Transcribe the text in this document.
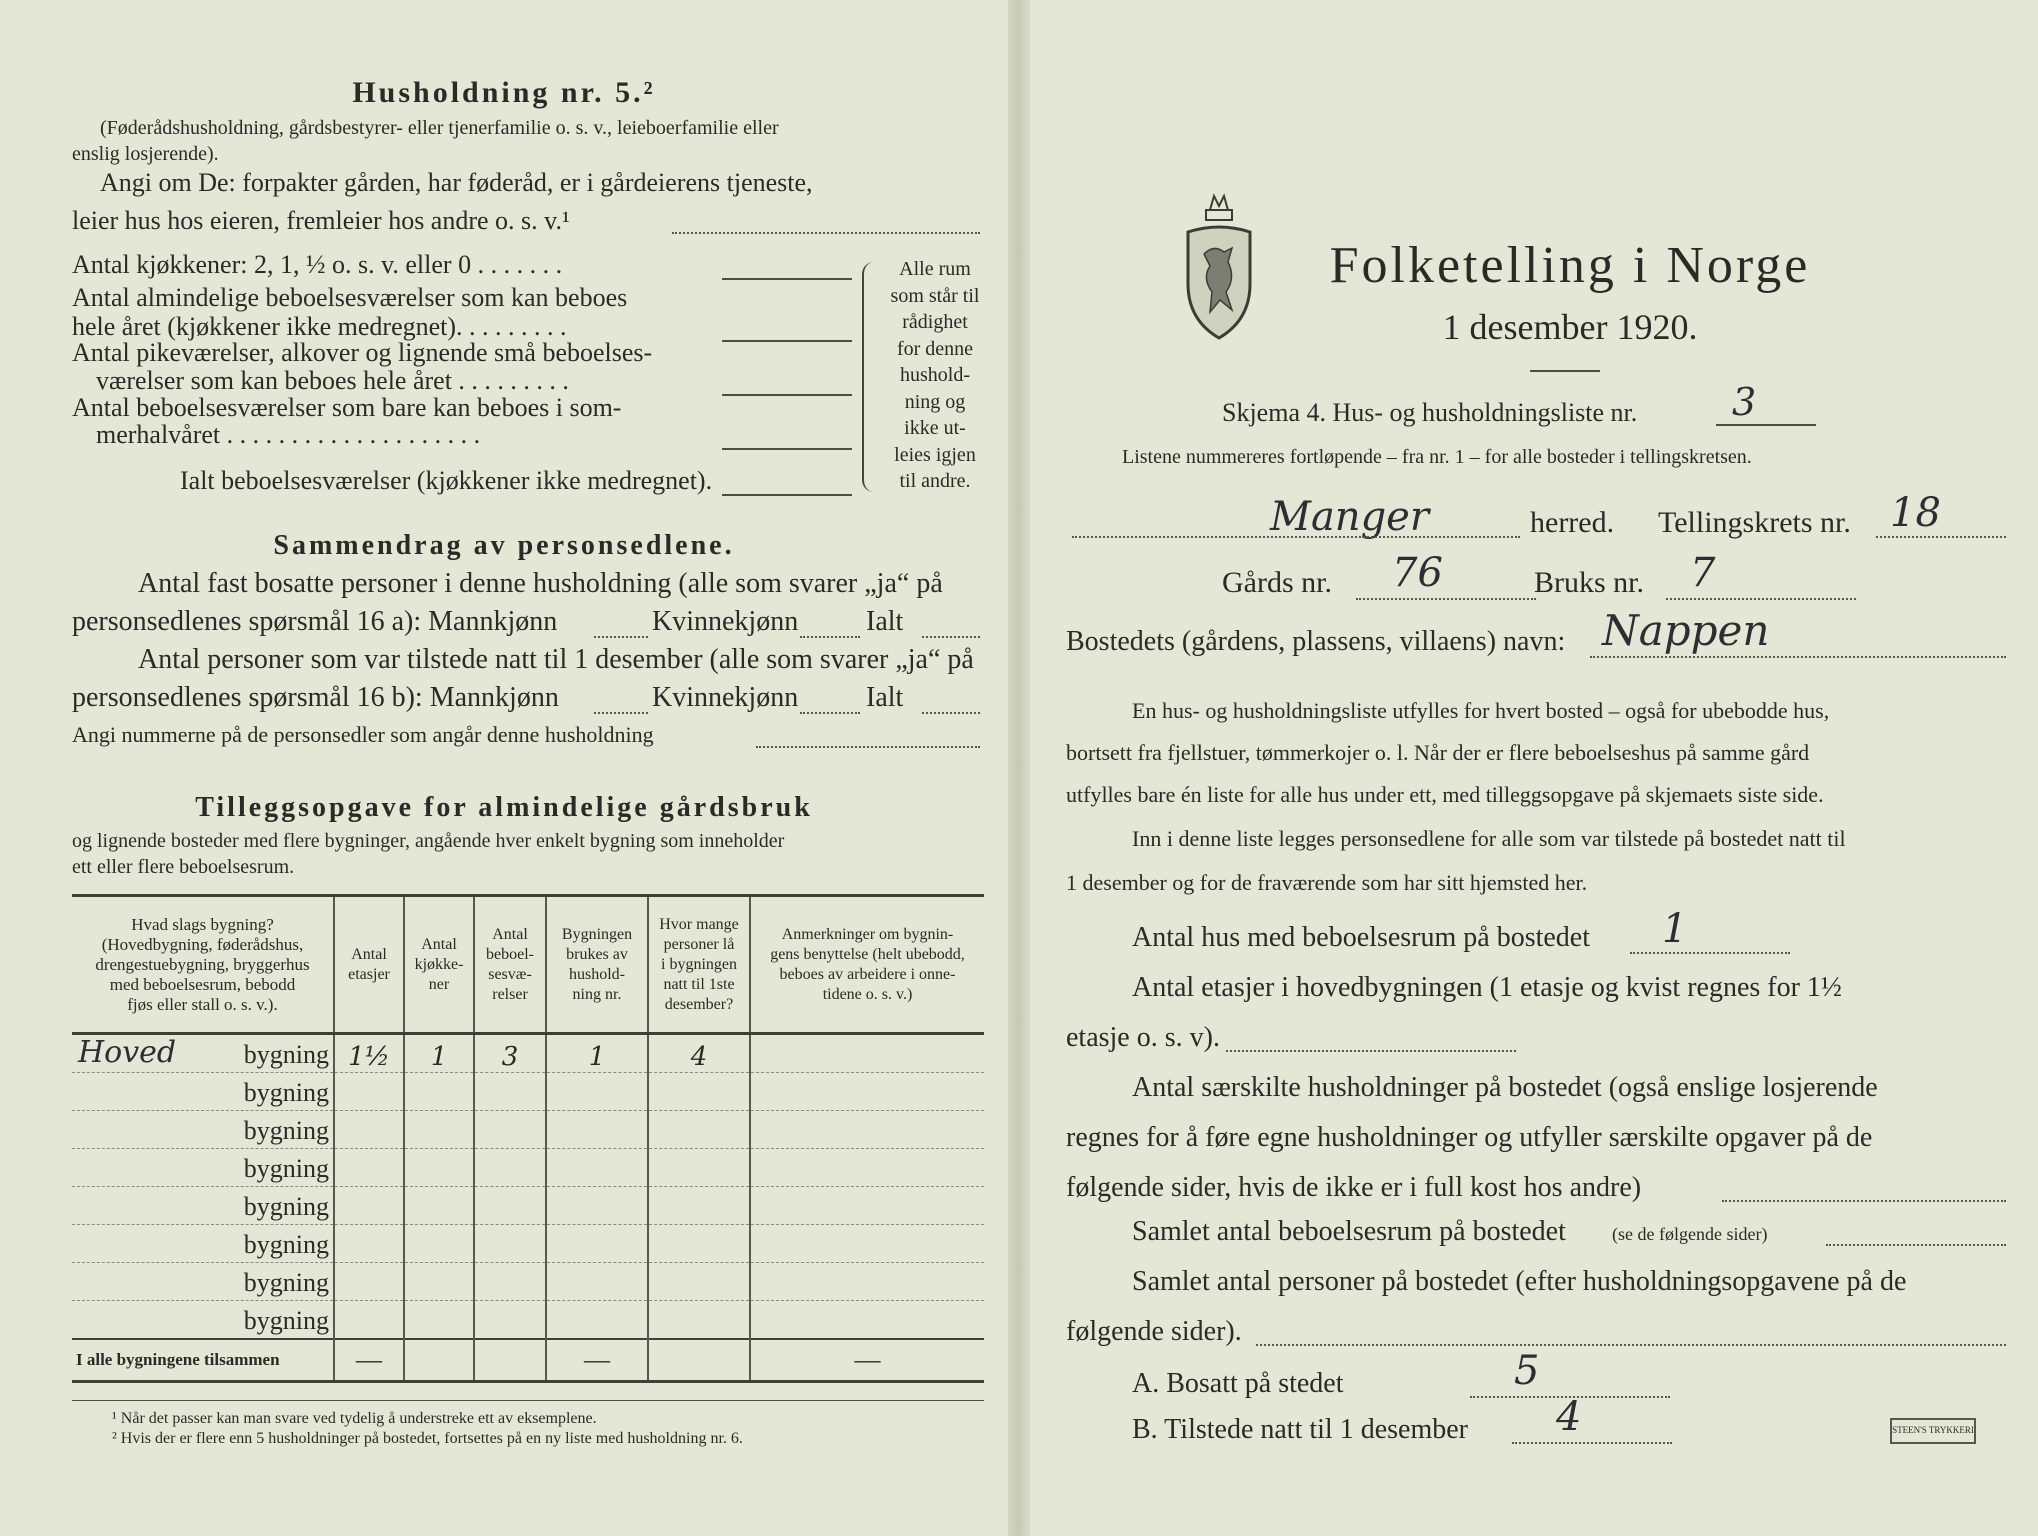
Husholdning nr. 5.²
(Føderådshusholdning, gårdsbestyrer- eller tjenerfamilie o. s. v., leieboerfamilie eller
enslig losjerende).
Angi om De: forpakter gården, har føderåd, er i gårdeierens tjeneste,
leier hus hos eieren, fremleier hos andre o. s. v.¹
Antal kjøkkener: 2, 1, ½ o. s. v. eller 0 . . . . . . .
Antal almindelige beboelsesværelser som kan beboes
hele året (kjøkkener ikke medregnet). . . . . . . . .
Antal pikeværelser, alkover og lignende små beboelses-
værelser som kan beboes hele året . . . . . . . . .
Antal beboelsesværelser som bare kan beboes i som-
merhalvåret . . . . . . . . . . . . . . . . . . . .
Ialt beboelsesværelser (kjøkkener ikke medregnet).
Alle rum
som står til
rådighet
for denne
hushold-
ning og
ikke ut-
leies igjen
til andre.
Sammendrag av personsedlene.
Antal fast bosatte personer i denne husholdning (alle som svarer „ja“ på
personsedlenes spørsmål 16 a): Mannkjønn	Kvinnekjønn Ialt
Antal personer som var tilstede natt til 1 desember (alle som svarer „ja“ på
personsedlenes spørsmål 16 b): Mannkjønn	Kvinnekjønn Ialt
Angi nummerne på de personsedler som angår denne husholdning
Tilleggsopgave for almindelige gårdsbruk
og lignende bosteder med flere bygninger, angående hver enkelt bygning som inneholder
ett eller flere beboelsesrum.
Hvad slags bygning?
(Hovedbygning, føderådshus,
drengestuebygning, bryggerhus
med beboelsesrum, bebodd
fjøs eller stall o. s. v.).	Antal
etasjer	Antal
kjøkke-
ner	Antal
beboel-
sesvæ-
relser	Bygningen
brukes av
hushold-
ning nr.	Hvor mange
personer lå
i bygningen
natt til 1ste
desember?	Anmerkninger om bygnin-
gens benyttelse (helt ubebodd,
beboes av arbeidere i onne-
tidene o. s. v.)

Hoved bygning	1½	1	3	1	4	

bygning						

bygning						

bygning						

bygning						

bygning						

bygning						

bygning						

I alle bygningene tilsammen	—			—		—
¹ Når det passer kan man svare ved tydelig å understreke ett av eksemplene.
² Hvis der er flere enn 5 husholdninger på bostedet, fortsettes på en ny liste med husholdning nr. 6.
Folketelling i Norge
1 desember 1920.
Skjema 4. Hus- og husholdningsliste nr. 3
Listene nummereres fortløpende – fra nr. 1 – for alle bosteder i tellingskretsen.
Manger	herred. Tellingskrets nr. 18
Gårds nr. 76	Bruks nr. 7
Bostedets (gårdens, plassens, villaens) navn: Nappen
En hus- og husholdningsliste utfylles for hvert bosted – også for ubebodde hus,
bortsett fra fjellstuer, tømmerkojer o. l. Når der er flere beboelseshus på samme gård
utfylles bare én liste for alle hus under ett, med tilleggsopgave på skjemaets siste side.
Inn i denne liste legges personsedlene for alle som var tilstede på bostedet natt til
1 desember og for de fraværende som har sitt hjemsted her.
Antal hus med beboelsesrum på bostedet 1
Antal etasjer i hovedbygningen (1 etasje og kvist regnes for 1½
etasje o. s. v).
Antal særskilte husholdninger på bostedet (også enslige losjerende
regnes for å føre egne husholdninger og utfyller særskilte opgaver på de
følgende sider, hvis de ikke er i full kost hos andre)
Samlet antal beboelsesrum på bostedet	(se de følgende sider)
Samlet antal personer på bostedet (efter husholdningsopgavene på de
følgende sider).
A. Bosatt på stedet	5
B. Tilstede natt til 1 desember 4	STEEN'S TRYKKERI
